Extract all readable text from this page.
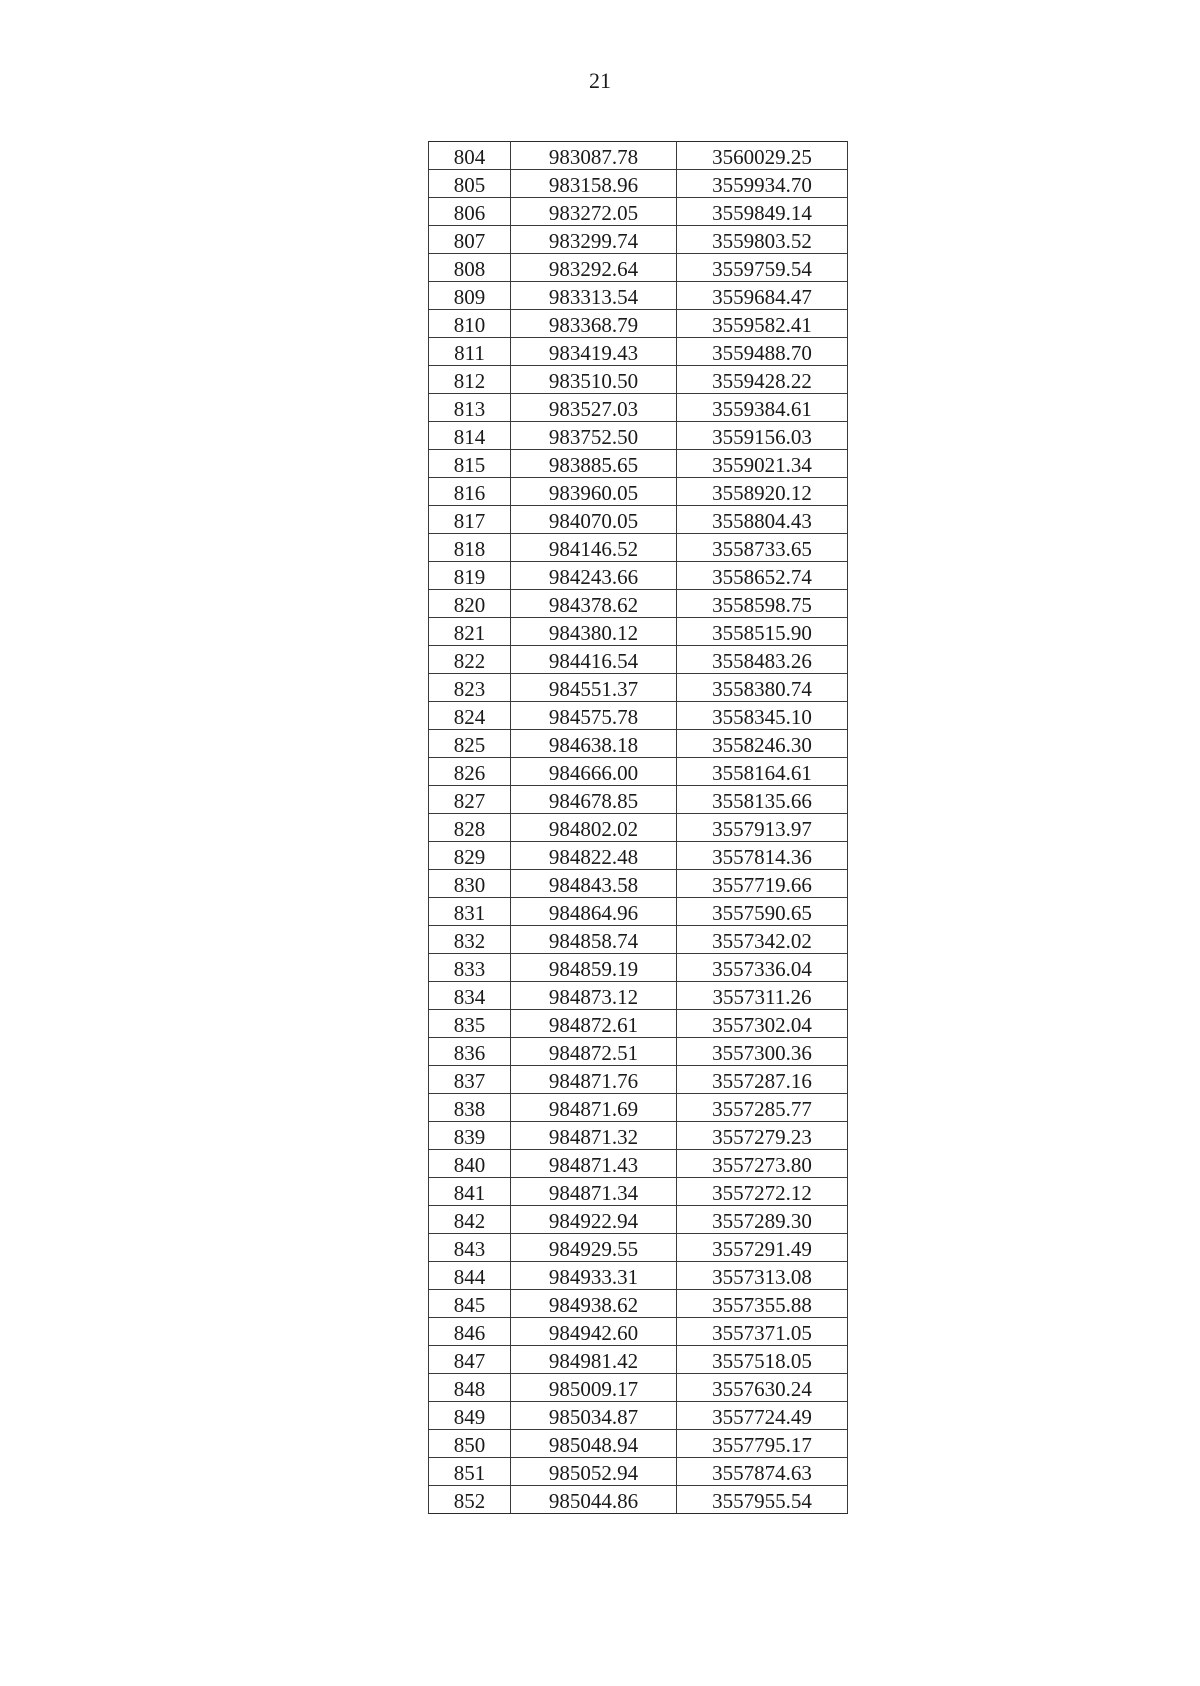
21
804	983087.78	3560029.25
805	983158.96	3559934.70
806	983272.05	3559849.14
807	983299.74	3559803.52
808	983292.64	3559759.54
809	983313.54	3559684.47
810	983368.79	3559582.41
811	983419.43	3559488.70
812	983510.50	3559428.22
813	983527.03	3559384.61
814	983752.50	3559156.03
815	983885.65	3559021.34
816	983960.05	3558920.12
817	984070.05	3558804.43
818	984146.52	3558733.65
819	984243.66	3558652.74
820	984378.62	3558598.75
821	984380.12	3558515.90
822	984416.54	3558483.26
823	984551.37	3558380.74
824	984575.78	3558345.10
825	984638.18	3558246.30
826	984666.00	3558164.61
827	984678.85	3558135.66
828	984802.02	3557913.97
829	984822.48	3557814.36
830	984843.58	3557719.66
831	984864.96	3557590.65
832	984858.74	3557342.02
833	984859.19	3557336.04
834	984873.12	3557311.26
835	984872.61	3557302.04
836	984872.51	3557300.36
837	984871.76	3557287.16
838	984871.69	3557285.77
839	984871.32	3557279.23
840	984871.43	3557273.80
841	984871.34	3557272.12
842	984922.94	3557289.30
843	984929.55	3557291.49
844	984933.31	3557313.08
845	984938.62	3557355.88
846	984942.60	3557371.05
847	984981.42	3557518.05
848	985009.17	3557630.24
849	985034.87	3557724.49
850	985048.94	3557795.17
851	985052.94	3557874.63
852	985044.86	3557955.54
